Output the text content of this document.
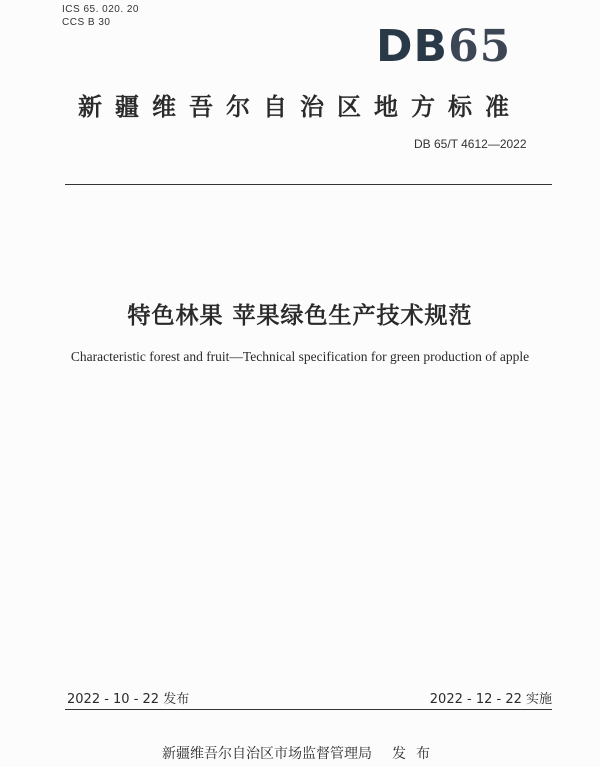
ICS 65. 020. 20
CCS B 30	DB65
新疆维吾尔自治区地方标准
DB 65/T 4612—2022
特色林果 苹果绿色生产技术规范
Characteristic forest and fruit—Technical specification for green production of apple
2022 - 10 - 22 发布	2022 - 12 - 22 实施
新疆维吾尔自治区市场监督管理局 发布
